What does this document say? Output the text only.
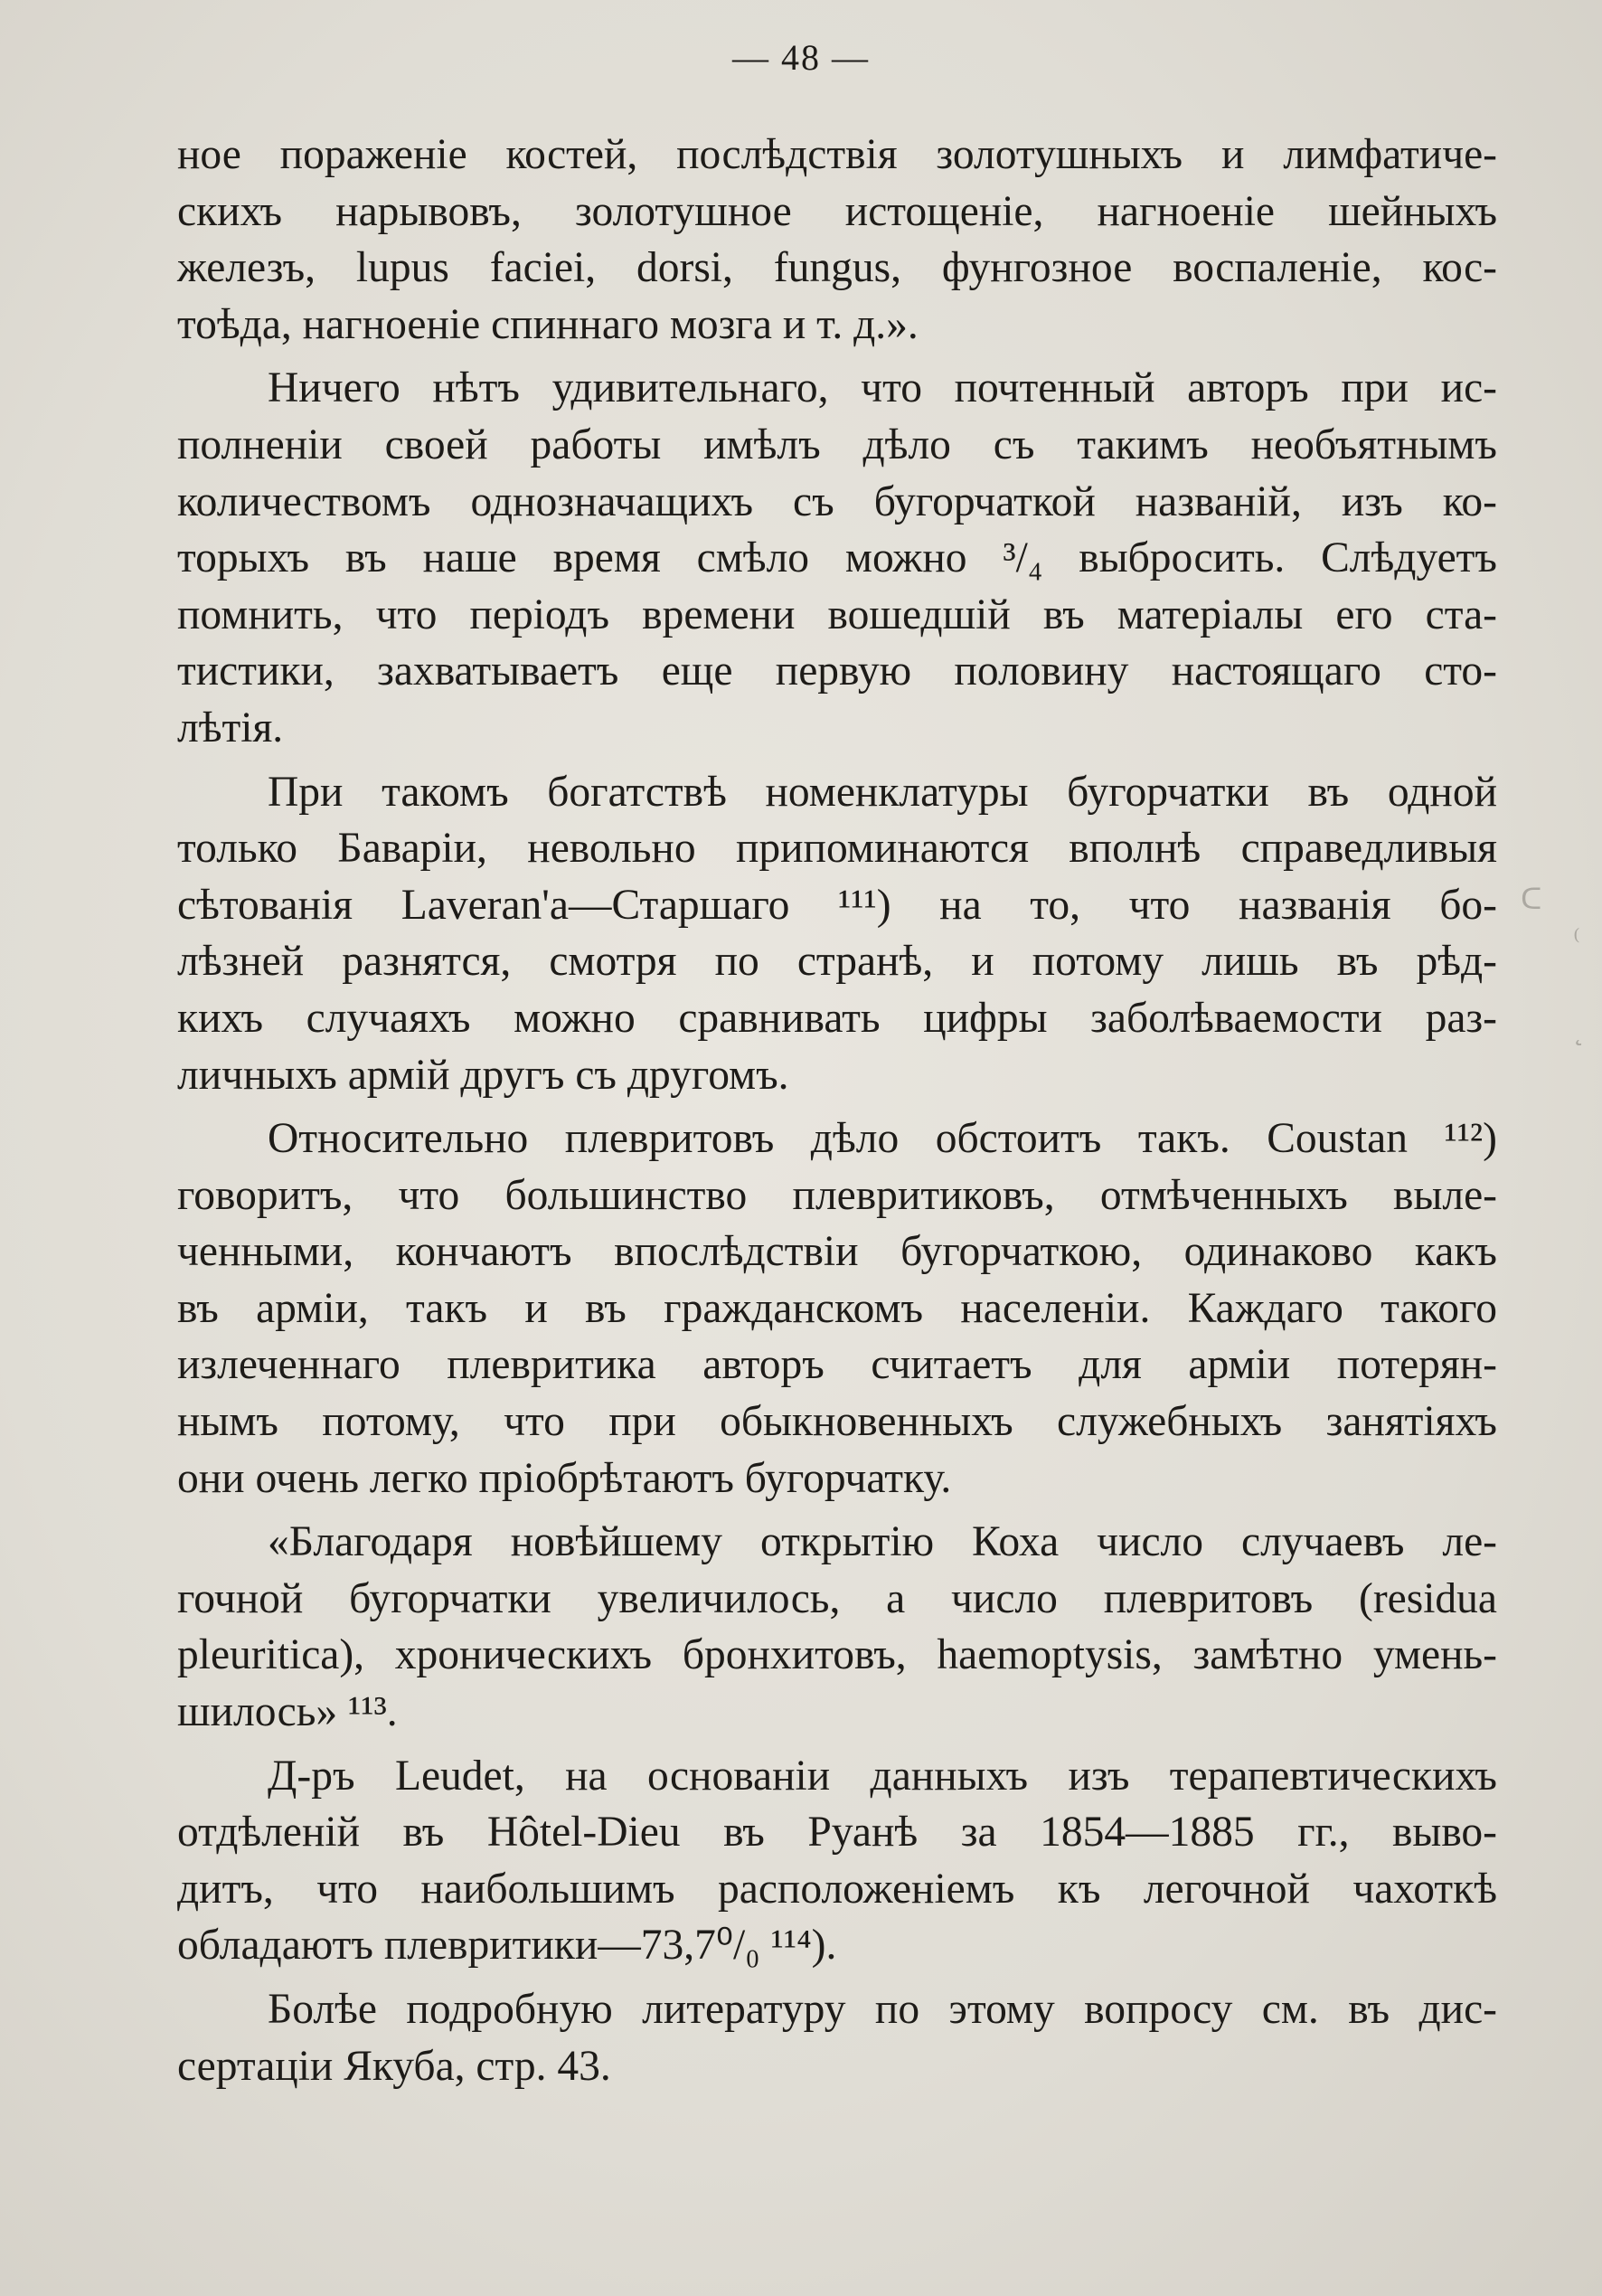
— 48 —
ное пораженіе костей, послѣдствія золотушныхъ и лимфатиче-
скихъ нарывовъ, золотушное истощеніе, нагноеніе шейныхъ
железъ, lupus faciei, dorsi, fungus, фунгозное воспаленіе, кос-
тоѣда, нагноеніе спиннаго мозга и т. д.».
Ничего нѣтъ удивительнаго, что почтенный авторъ при ис-
полненіи своей работы имѣлъ дѣло съ такимъ необъятнымъ
количествомъ однозначащихъ съ бугорчаткой названій, изъ ко-
торыхъ въ наше время смѣло можно ³/₄ выбросить. Слѣдуетъ
помнить, что періодъ времени вошедшій въ матеріалы его ста-
тистики, захватываетъ еще первую половину настоящаго сто-
лѣтія.
При такомъ богатствѣ номенклатуры бугорчатки въ одной
только Баваріи, невольно припоминаются вполнѣ справедливыя
сѣтованія Laveran'a—Старшаго ¹¹¹) на то, что названія бо-
лѣзней разнятся, смотря по странѣ, и потому лишь въ рѣд-
кихъ случаяхъ можно сравнивать цифры заболѣваемости раз-
личныхъ армій другъ съ другомъ.
Относительно плевритовъ дѣло обстоитъ такъ. Coustan ¹¹²)
говоритъ, что большинство плевритиковъ, отмѣченныхъ выле-
ченными, кончаютъ впослѣдствіи бугорчаткою, одинаково какъ
въ арміи, такъ и въ гражданскомъ населеніи. Каждаго такого
излеченнаго плевритика авторъ считаетъ для арміи потерян-
нымъ потому, что при обыкновенныхъ служебныхъ занятіяхъ
они очень легко пріобрѣтаютъ бугорчатку.
«Благодаря новѣйшему открытію Коха число случаевъ ле-
гочной бугорчатки увеличилось, а число плевритовъ (residua
pleuritica), хроническихъ бронхитовъ, haemoptysis, замѣтно умень-
шилось» ¹¹³.
Д-ръ Leudet, на основаніи данныхъ изъ терапевтическихъ
отдѣленій въ Hôtel-Dieu въ Руанѣ за 1854—1885 гг., выво-
дитъ, что наибольшимъ расположеніемъ къ легочной чахоткѣ
обладаютъ плевритики—73,7⁰/₀ ¹¹⁴).
Болѣе подробную литературу по этому вопросу см. въ дис-
сертаціи Якуба, стр. 43.
ᑕ
⁽
˛
